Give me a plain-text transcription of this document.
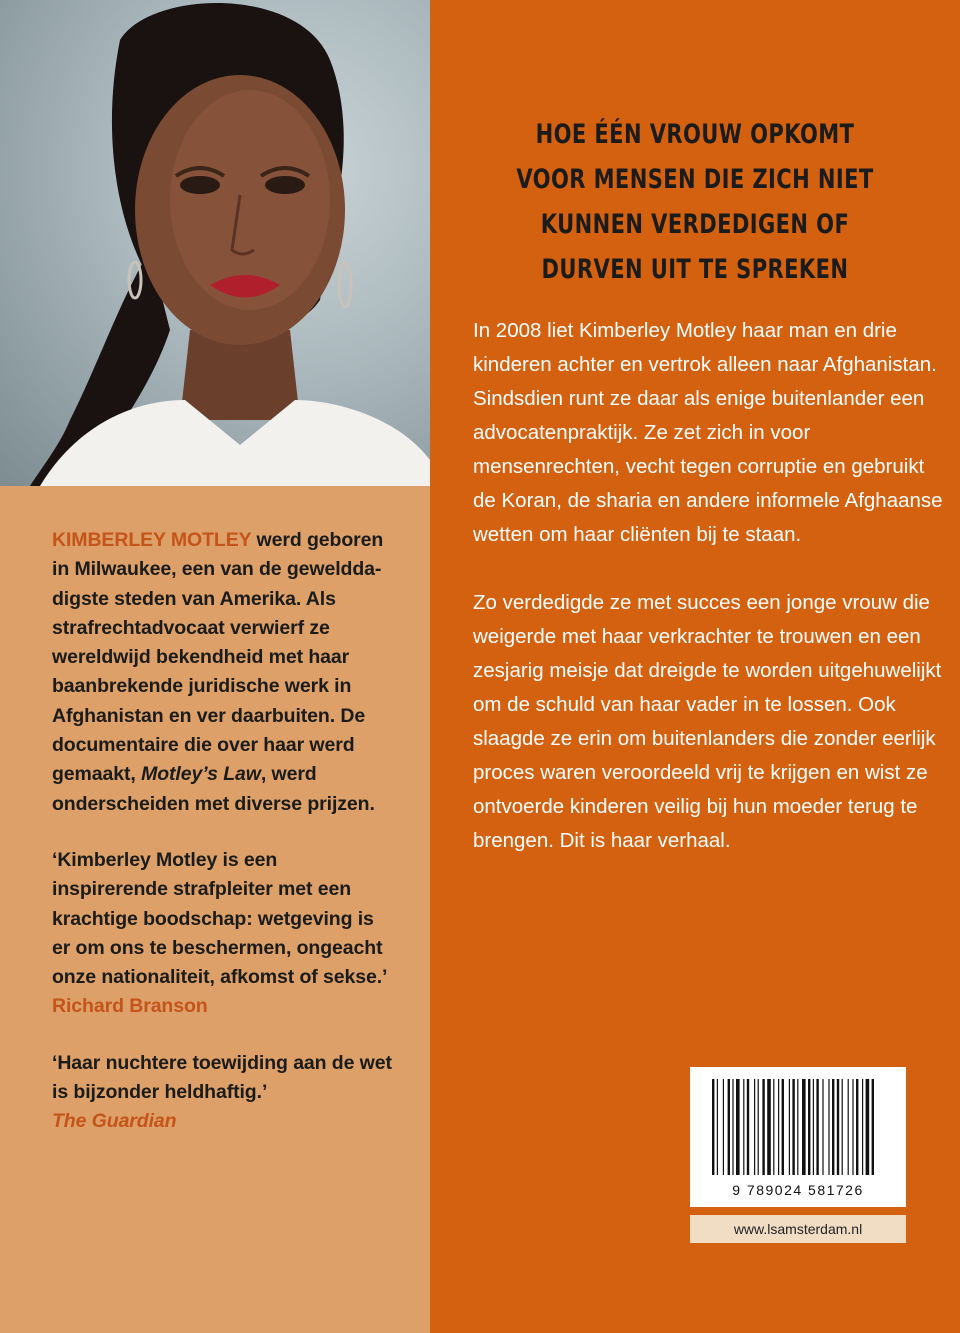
KIMBERLEY MOTLEY werd geboren in Milwaukee, een van de gewelddadigste steden van Amerika. Als strafrechtadvocaat verwierf ze wereldwijd bekendheid met haar baanbrekende juridische werk in Afghanistan en ver daarbuiten. De documentaire die over haar werd gemaakt, Motley’s Law, werd onderscheiden met diverse prijzen.

‘Kimberley Motley is een inspirerende strafpleiter met een krachtige boodschap: wetgeving is er om ons te beschermen, ongeacht onze nationaliteit, afkomst of sekse.’ Richard Branson

‘Haar nuchtere toewijding aan de wet is bijzonder heldhaftig.’
The Guardian

HOE ÉÉN VROUW OPKOMT
VOOR MENSEN DIE ZICH NIET
KUNNEN VERDEDIGEN OF
DURVEN UIT TE SPREKEN

In 2008 liet Kimberley Motley haar man en drie kinderen achter en vertrok alleen naar Afghanistan. Sindsdien runt ze daar als enige buitenlander een advocatenpraktijk. Ze zet zich in voor mensenrechten, vecht tegen corruptie en gebruikt de Koran, de sharia en andere informele Afghaanse wetten om haar cliënten bij te staan.

Zo verdedigde ze met succes een jonge vrouw die weigerde met haar verkrachter te trouwen en een zesjarig meisje dat dreigde te worden uitgehuwelijkt om de schuld van haar vader in te lossen. Ook slaagde ze erin om buitenlanders die zonder eerlijk proces waren veroordeeld vrij te krijgen en wist ze ontvoerde kinderen veilig bij hun moeder terug te brengen. Dit is haar verhaal.

9 789024 581726
www.lsamsterdam.nl
